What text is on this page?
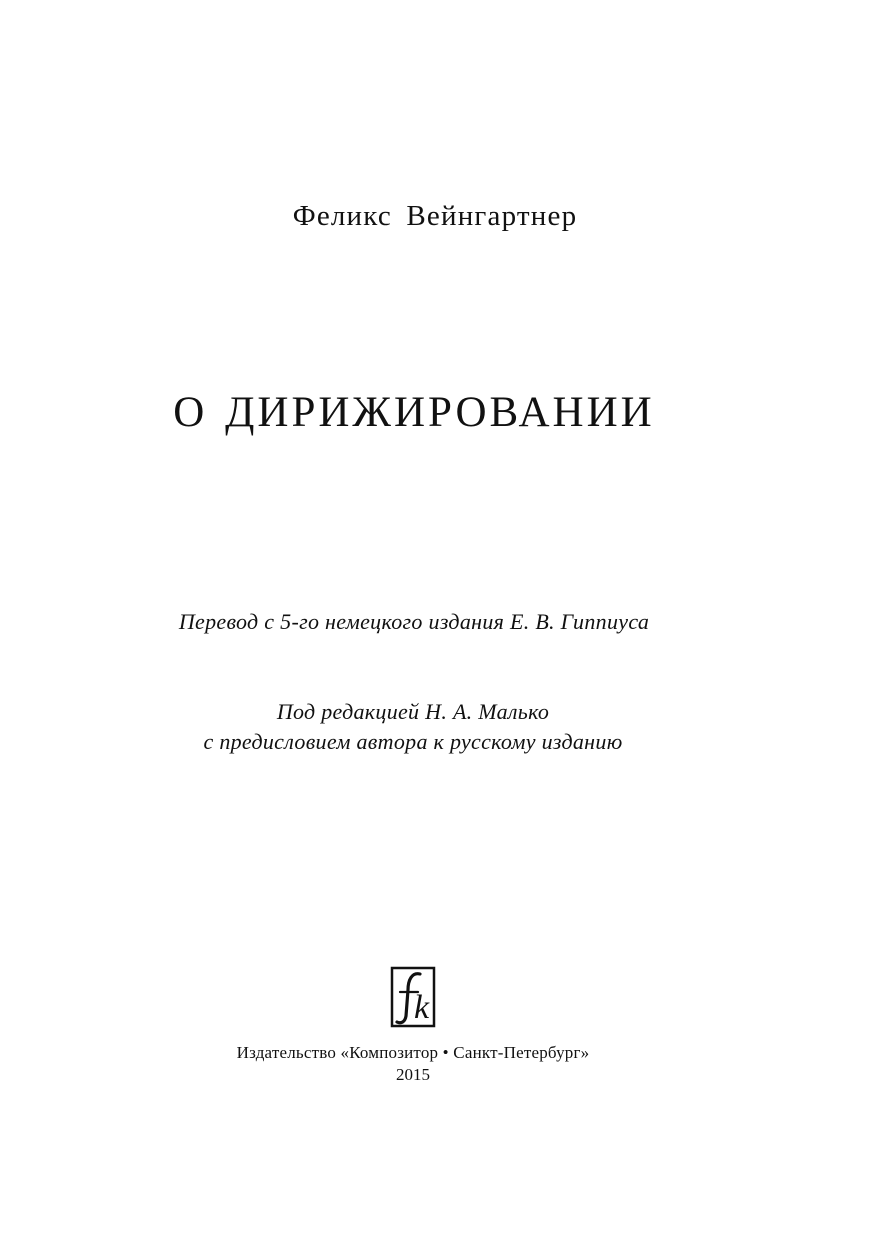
Феликс Вейнгартнер
О ДИРИЖИРОВАНИИ
Перевод с 5-го немецкого издания Е. В. Гиппиуса
Под редакцией Н. А. Малько
с предисловием автора к русскому изданию
k
Издательство «Композитор • Санкт-Петербург»
2015
